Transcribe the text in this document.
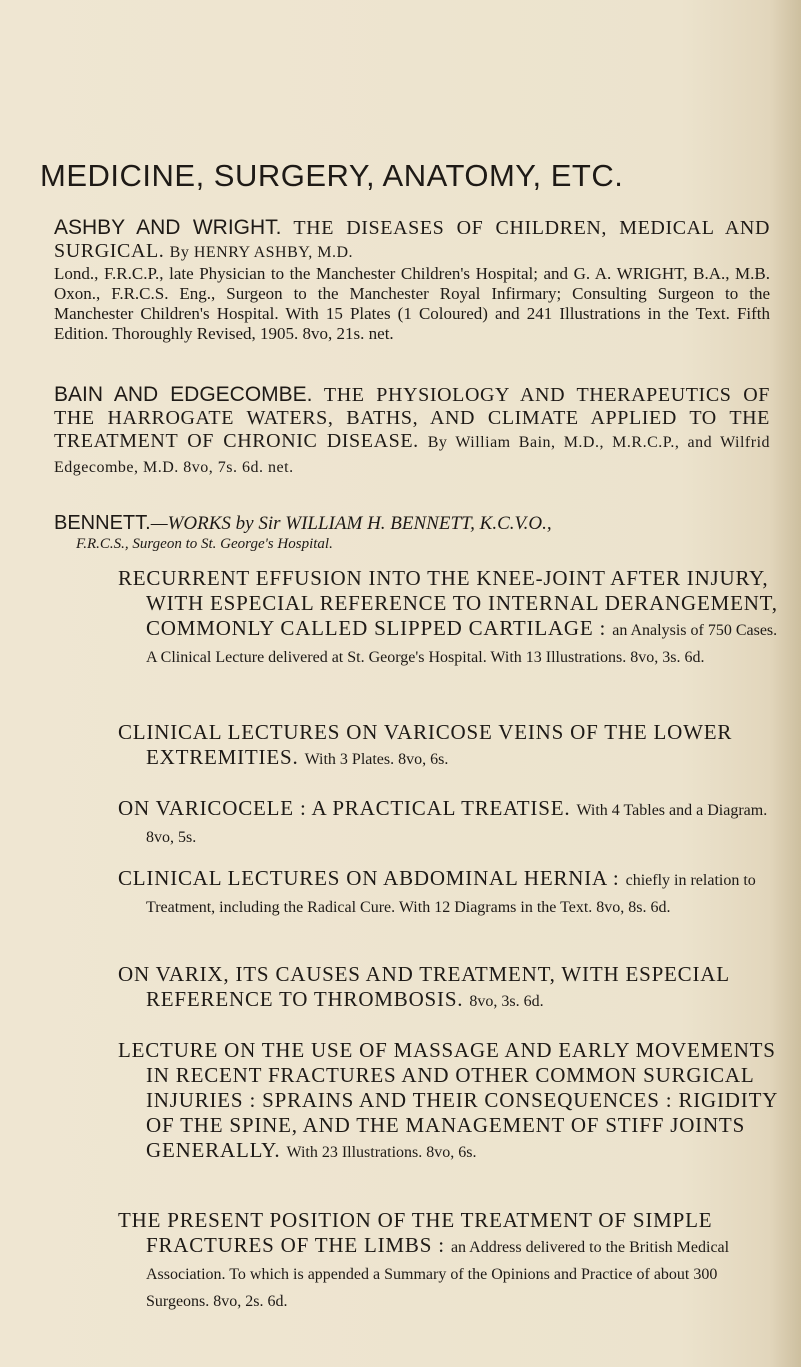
MEDICINE, SURGERY, ANATOMY, ETC.

ASHBY AND WRIGHT. THE DISEASES OF CHILDREN, MEDICAL AND SURGICAL. By HENRY ASHBY, M.D.

Lond., F.R.C.P., late Physician to the Manchester Children's Hospital; and G. A. WRIGHT, B.A., M.B. Oxon., F.R.C.S. Eng., Surgeon to the Manchester Royal Infirmary; Consulting Surgeon to the Manchester Children's Hospital. With 15 Plates (1 Coloured) and 241 Illustrations in the Text. Fifth Edition. Thoroughly Revised, 1905. 8vo, 21s. net.

BAIN AND EDGECOMBE. THE PHYSIOLOGY AND THERAPEUTICS OF THE HARROGATE WATERS, BATHS, AND CLIMATE APPLIED TO THE TREATMENT OF CHRONIC DISEASE. By William Bain, M.D., M.R.C.P., and Wilfrid Edgecombe, M.D. 8vo, 7s. 6d. net.

BENNETT.—WORKS by Sir WILLIAM H. BENNETT, K.C.V.O.,

F.R.C.S., Surgeon to St. George's Hospital.

RECURRENT EFFUSION INTO THE KNEE-JOINT AFTER INJURY, WITH ESPECIAL REFERENCE TO INTERNAL DERANGEMENT, COMMONLY CALLED SLIPPED CARTILAGE : an Analysis of 750 Cases. A Clinical Lecture delivered at St. George's Hospital. With 13 Illustrations. 8vo, 3s. 6d.

CLINICAL LECTURES ON VARICOSE VEINS OF THE LOWER EXTREMITIES. With 3 Plates. 8vo, 6s.

ON VARICOCELE : A PRACTICAL TREATISE. With 4 Tables and a Diagram. 8vo, 5s.

CLINICAL LECTURES ON ABDOMINAL HERNIA : chiefly in relation to Treatment, including the Radical Cure. With 12 Diagrams in the Text. 8vo, 8s. 6d.

ON VARIX, ITS CAUSES AND TREATMENT, WITH ESPECIAL REFERENCE TO THROMBOSIS. 8vo, 3s. 6d.

LECTURE ON THE USE OF MASSAGE AND EARLY MOVEMENTS IN RECENT FRACTURES AND OTHER COMMON SURGICAL INJURIES : SPRAINS AND THEIR CONSEQUENCES : RIGIDITY OF THE SPINE, AND THE MANAGEMENT OF STIFF JOINTS GENERALLY. With 23 Illustrations. 8vo, 6s.

THE PRESENT POSITION OF THE TREATMENT OF SIMPLE FRACTURES OF THE LIMBS : an Address delivered to the British Medical Association. To which is appended a Summary of the Opinions and Practice of about 300 Surgeons. 8vo, 2s. 6d.
